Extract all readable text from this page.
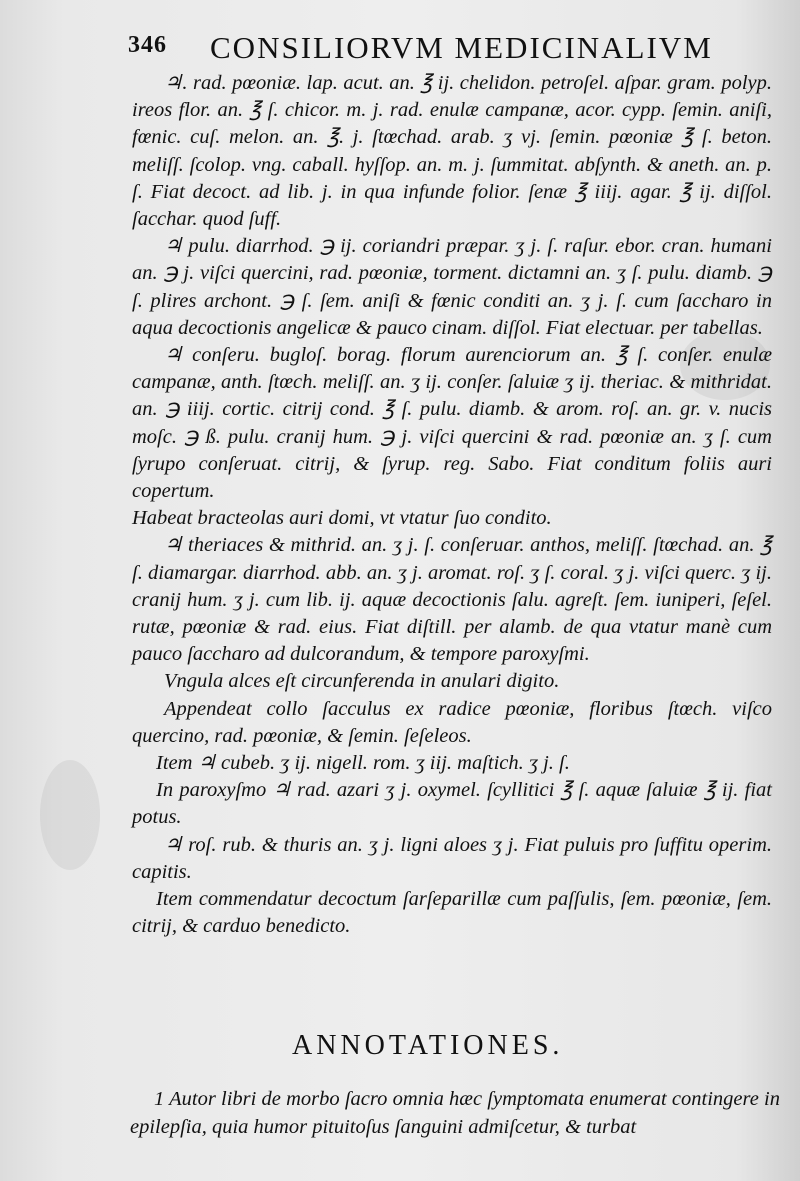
346 CONSILIORVM MEDICINALIVM

♃. rad. pœoniæ. lap. acut. an. ℥ ij. chelidon. petroſel. aſpar. gram. polyp. ireos flor. an. ℥ ſ. chicor. m. j. rad. enulæ campanæ, acor. cypp. ſemin. aniſi, fœnic. cuſ. melon. an. ℥. j. ſtœchad. arab. ʒ vj. ſemin. pœoniæ ℥ ſ. beton. meliſſ. ſcolop. vng. caball. hyſſop. an. m. j. ſummitat. abſynth. & aneth. an. p. ſ. Fiat decoct. ad lib. j. in qua infunde folior. ſenæ ℥ iiij. agar. ℥ ij. diſſol. ſacchar. quod ſuff.

♃ pulu. diarrhod. ℈ ij. coriandri præpar. ʒ j. ſ. raſur. ebor. cran. humani an. ℈ j. viſci quercini, rad. pœoniæ, torment. dictamni an. ʒ ſ. pulu. diamb. ℈ ſ. plires archont. ℈ ſ. ſem. aniſi & fœnic conditi an. ʒ j. ſ. cum ſaccharo in aqua decoctionis angelicæ & pauco cinam. diſſol. Fiat electuar. per tabellas.

♃ conſeru. bugloſ. borag. florum aurenciorum an. ℥ ſ. conſer. enulæ campanæ, anth. ſtœch. meliſſ. an. ʒ ij. conſer. ſaluiæ ʒ ij. theriac. & mithridat. an. ℈ iiij. cortic. citrij cond. ℥ ſ. pulu. diamb. & arom. roſ. an. gr. v. nucis moſc. ℈ ß. pulu. cranij hum. ℈ j. viſci quercini & rad. pœoniæ an. ʒ ſ. cum ſyrupo conſeruat. citrij, & ſyrup. reg. Sabo. Fiat conditum foliis auri copertum.

Habeat bracteolas auri domi, vt vtatur ſuo condito.

♃ theriaces & mithrid. an. ʒ j. ſ. conſeruar. anthos, meliſſ. ſtœchad. an. ℥ ſ. diamargar. diarrhod. abb. an. ʒ j. aromat. roſ. ʒ ſ. coral. ʒ j. viſci querc. ʒ ij. cranij hum. ʒ j. cum lib. ij. aquæ decoctionis ſalu. agreſt. ſem. iuniperi, ſeſel. rutæ, pœoniæ & rad. eius. Fiat diſtill. per alamb. de qua vtatur manè cum pauco ſaccharo ad dulcorandum, & tempore paroxyſmi.

Vngula alces eſt circunferenda in anulari digito.

Appendeat collo ſacculus ex radice pœoniæ, floribus ſtœch. viſco quercino, rad. pœoniæ, & ſemin. ſeſeleos.

Item ♃ cubeb. ʒ ij. nigell. rom. ʒ iij. maſtich. ʒ j. ſ.

In paroxyſmo ♃ rad. azari ʒ j. oxymel. ſcyllitici ℥ ſ. aquæ ſaluiæ ℥ ij. fiat potus.

♃ roſ. rub. & thuris an. ʒ j. ligni aloes ʒ j. Fiat puluis pro ſuffitu operim. capitis.

Item commendatur decoctum ſarſeparillæ cum paſſulis, ſem. pœoniæ, ſem. citrij, & carduo benedicto.

ANNOTATIONES.

1 Autor libri de morbo ſacro omnia hæc ſymptomata enumerat contingere in epilepſia, quia humor pituitoſus ſanguini admiſcetur, & turbat
